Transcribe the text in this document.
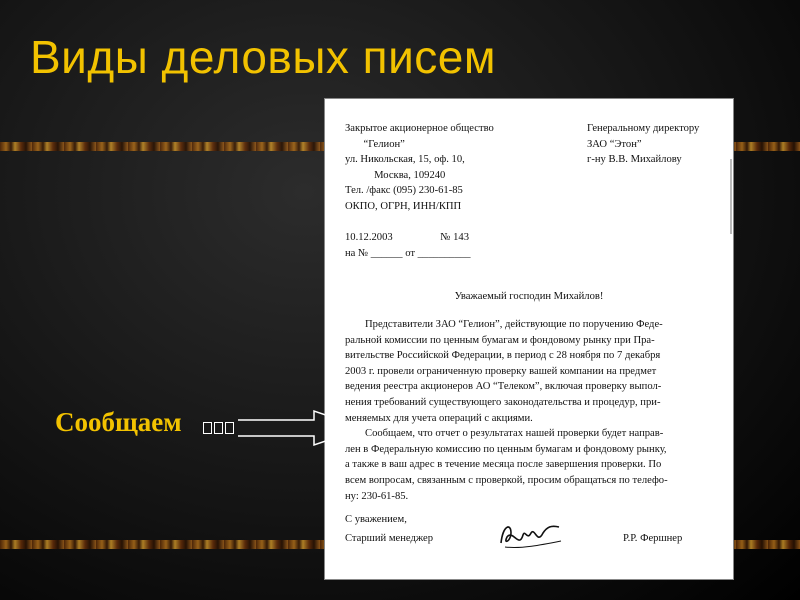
Виды деловых писем
Закрытое акционерное общество
“Гелион”
ул. Никольская, 15, оф. 10,
Москва, 109240
Тел. /факс (095) 230-61-85
ОКПО, ОГРН, ИНН/КПП

10.12.2003                  № 143
на № ______ от __________
Генеральному директору
ЗАО “Этон”
г-ну В.В. Михайлову
Уважаемый господин Михайлов!
Представители ЗАО “Гелион”, действующие по поручению Феде-
ральной комиссии по ценным бумагам и фондовому рынку при Пра-
вительстве Российской Федерации, в период с 28 ноября по 7 декабря
2003 г. провели ограниченную проверку вашей компании на предмет
ведения реестра акционеров АО “Телеком”, включая проверку выпол-
нения требований существующего законодательства и процедур, при-
меняемых для учета операций с акциями.
Сообщаем, что отчет о результатах нашей проверки будет направ-
лен в Федеральную комиссию по ценным бумагам и фондовому рынку,
а также в ваш адрес в течение месяца после завершения проверки. По
всем вопросам, связанным с проверкой, просим обращаться по телефо-
ну: 230-61-85.
С уважением,
Старший менеджер	Р.Р. Фершнер
Сообщаем
